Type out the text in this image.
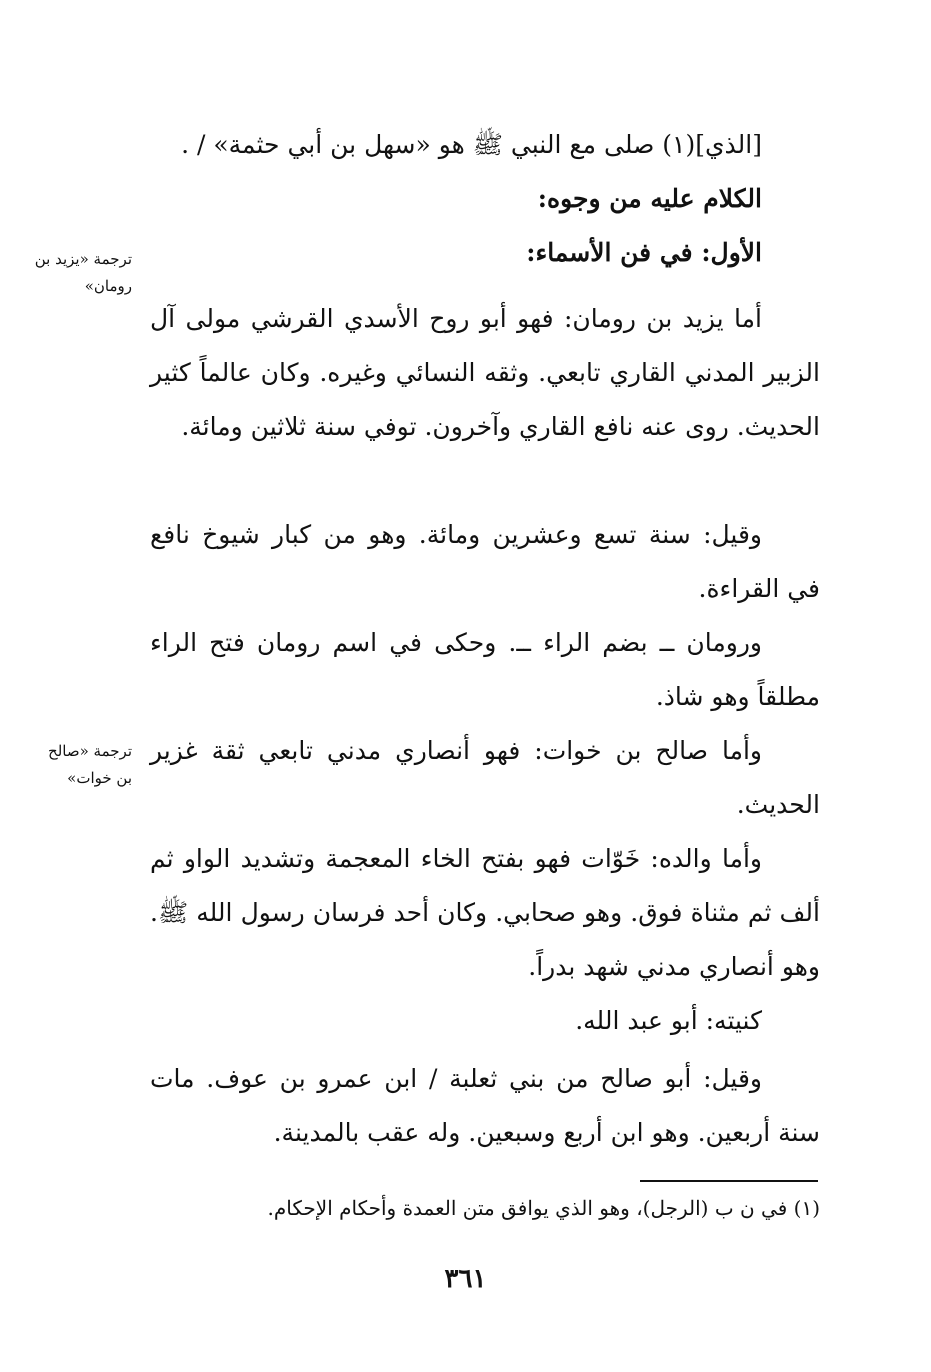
[الذي](١) صلى مع النبي ﷺ هو «سهل بن أبي حثمة» / .

الكلام عليه من وجوه:

الأول: في فن الأسماء:

أما يزيد بن رومان: فهو أبو روح الأسدي القرشي مولى آل الزبير المدني القاري تابعي. وثقه النسائي وغيره. وكان عالماً كثير الحديث. روى عنه نافع القاري وآخرون. توفي سنة ثلاثين ومائة.

وقيل: سنة تسع وعشرين ومائة. وهو من كبار شيوخ نافع في القراءة.

ورومان ــ بضم الراء ــ. وحكى في اسم رومان فتح الراء مطلقاً وهو شاذ.

وأما صالح بن خوات: فهو أنصاري مدني تابعي ثقة غزير الحديث.

وأما والده: خَوّات فهو بفتح الخاء المعجمة وتشديد الواو ثم ألف ثم مثناة فوق. وهو صحابي. وكان أحد فرسان رسول الله ﷺ. وهو أنصاري مدني شهد بدراً.

كنيته: أبو عبد الله.

وقيل: أبو صالح من بني ثعلبة / ابن عمرو بن عوف. مات سنة أربعين. وهو ابن أربع وسبعين. وله عقب بالمدينة.

ترجمة «يزيد بن رومان»
ترجمة «صالح بن خوات»
(١) في ن ب (الرجل)، وهو الذي يوافق متن العمدة وأحكام الإحكام.
٣٦١
